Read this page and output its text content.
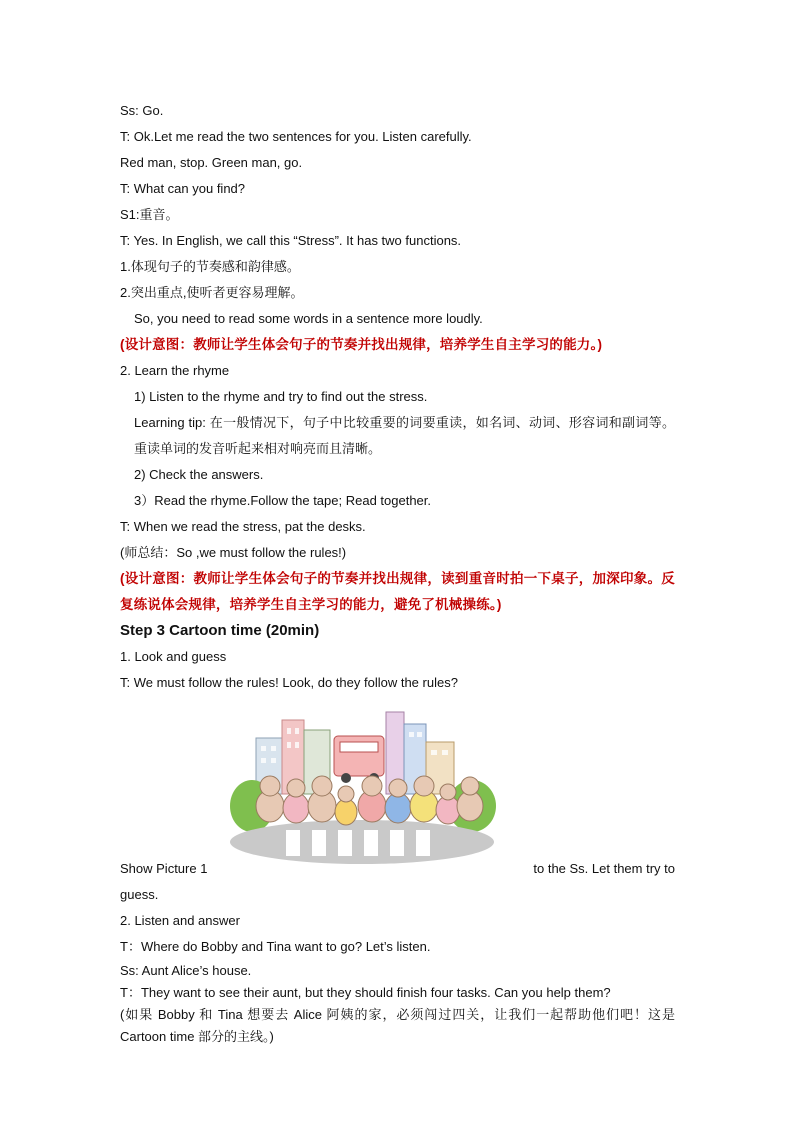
Ss: Go.

T: Ok.Let me read the two sentences for you. Listen carefully.

Red man, stop. Green man, go.

T: What can you find?

S1:重音。

T: Yes. In English, we call this “Stress”. It has two functions.

1.体现句子的节奏感和韵律感。

2.突出重点,使听者更容易理解。

So, you need to read some words in a sentence more loudly.

(设计意图：教师让学生体会句子的节奏并找出规律，培养学生自主学习的能力。)

2. Learn the rhyme

1) Listen to the rhyme and try to find out the stress.

Learning tip: 在一般情况下，句子中比较重要的词要重读，如名词、动词、形容词和副词等。重读单词的发音听起来相对响亮而且清晰。

2) Check the answers.

3）Read the rhyme.Follow the tape; Read together.

T: When we read the stress, pat the desks.

(师总结：So ,we must follow the rules!)

(设计意图：教师让学生体会句子的节奏并找出规律，读到重音时拍一下桌子，加深印象。反复练说体会规律，培养学生自主学习的能力，避免了机械操练。)

Step 3 Cartoon time (20min)

1. Look and guess

T: We must follow the rules! Look, do they follow the rules?

Show Picture 1	to the Ss. Let them try to

guess.

2. Listen and answer

T：Where do Bobby and Tina want to go? Let’s listen.

Ss: Aunt Alice’s house.

T：They want to see their aunt, but they should finish four tasks. Can you help them?

(如果 Bobby 和 Tina 想要去 Alice 阿姨的家，必须闯过四关，让我们一起帮助他们吧！这是 Cartoon time 部分的主线。)
